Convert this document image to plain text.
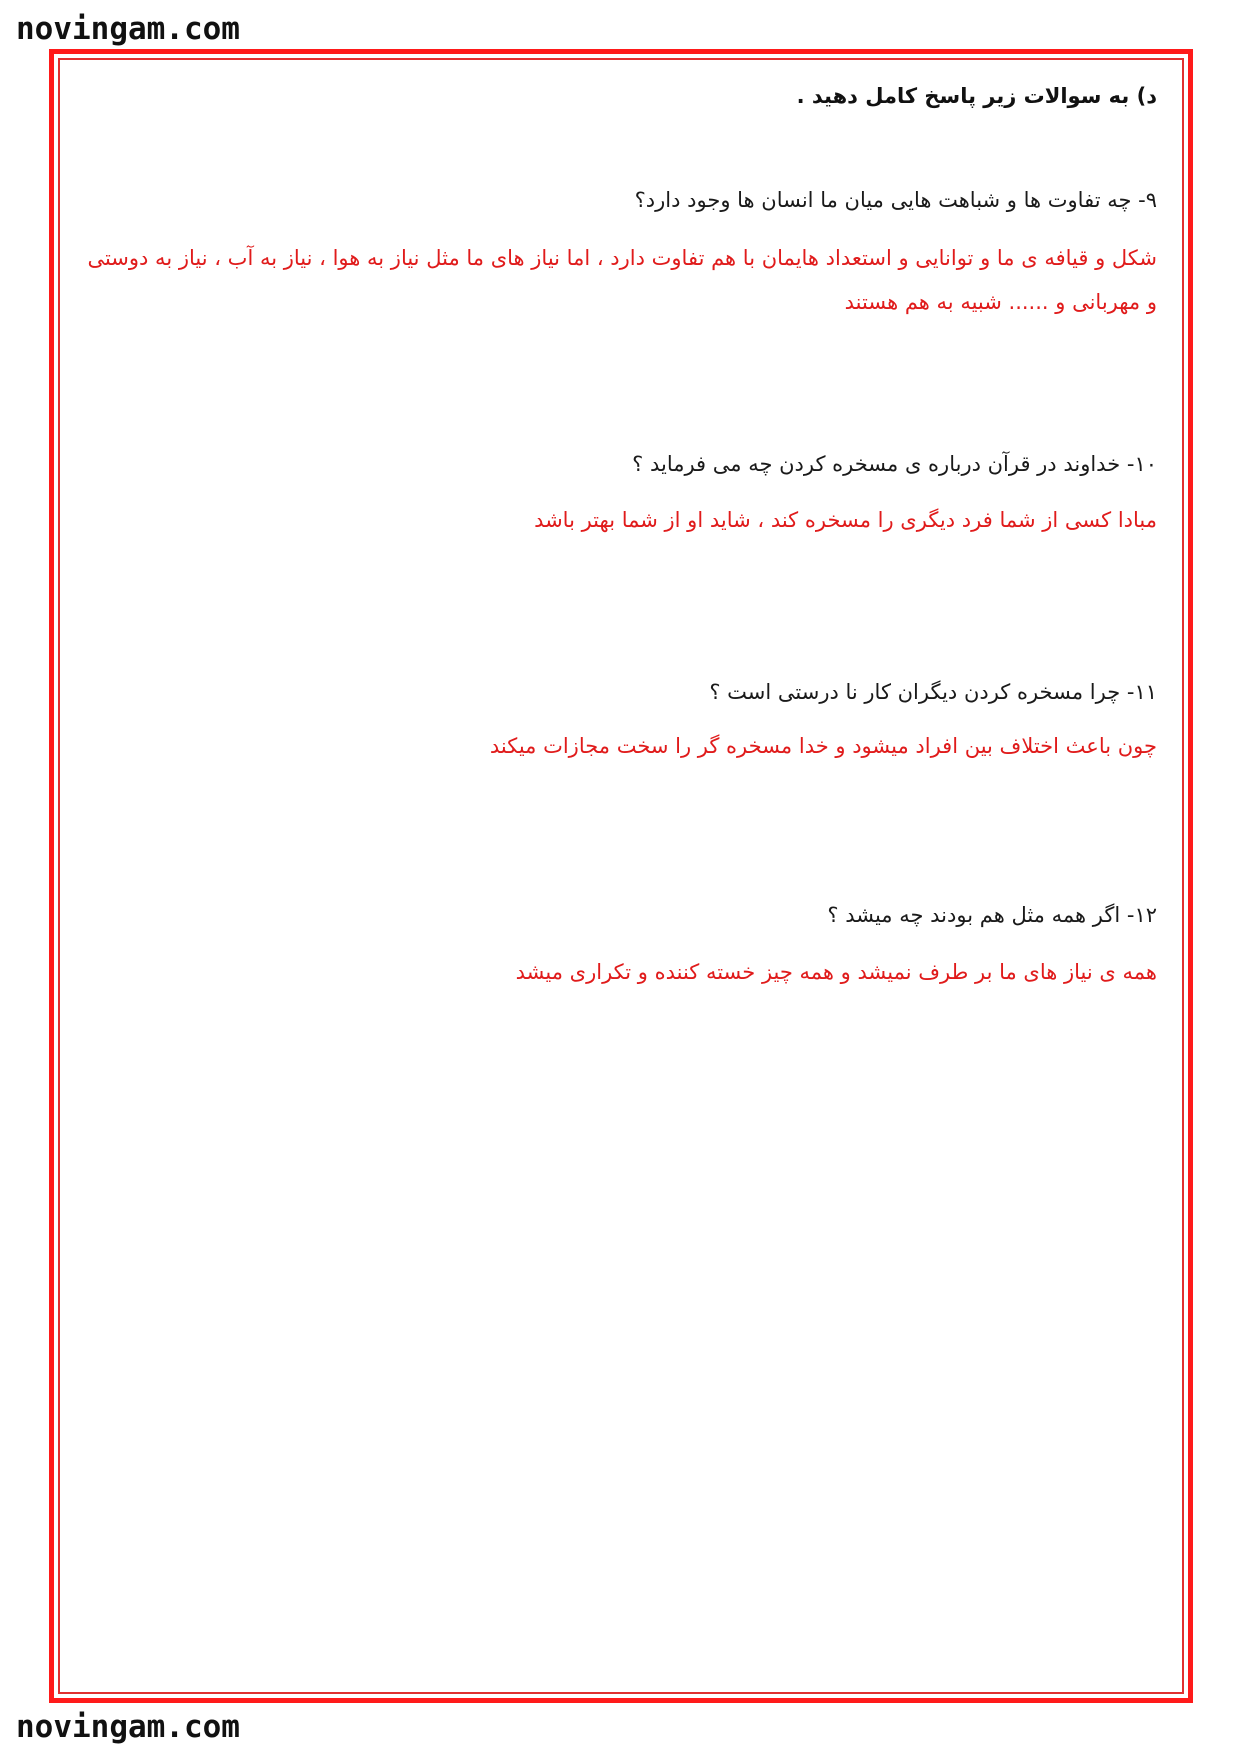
novingam.com
د) به سوالات زیر پاسخ کامل دهید .
۹- چه تفاوت ها و شباهت هایی میان ما انسان ها وجود دارد؟
شکل و قیافه ی ما و توانایی و استعداد هایمان با هم تفاوت دارد ، اما نیاز های ما مثل نیاز به هوا ، نیاز به آب ، نیاز به دوستی
و مهربانی و ...... شبیه به هم هستند
۱۰- خداوند در قرآن درباره ی مسخره کردن چه می فرماید ؟
مبادا کسی از شما فرد دیگری را مسخره کند ، شاید او از شما بهتر باشد
۱۱- چرا مسخره کردن دیگران کار نا درستی است ؟
چون باعث اختلاف بین افراد میشود و خدا مسخره گر را سخت مجازات میکند
۱۲- اگر همه مثل هم بودند چه میشد ؟
همه ی نیاز های ما بر طرف نمیشد و همه چیز خسته کننده و تکراری میشد
novingam.com
